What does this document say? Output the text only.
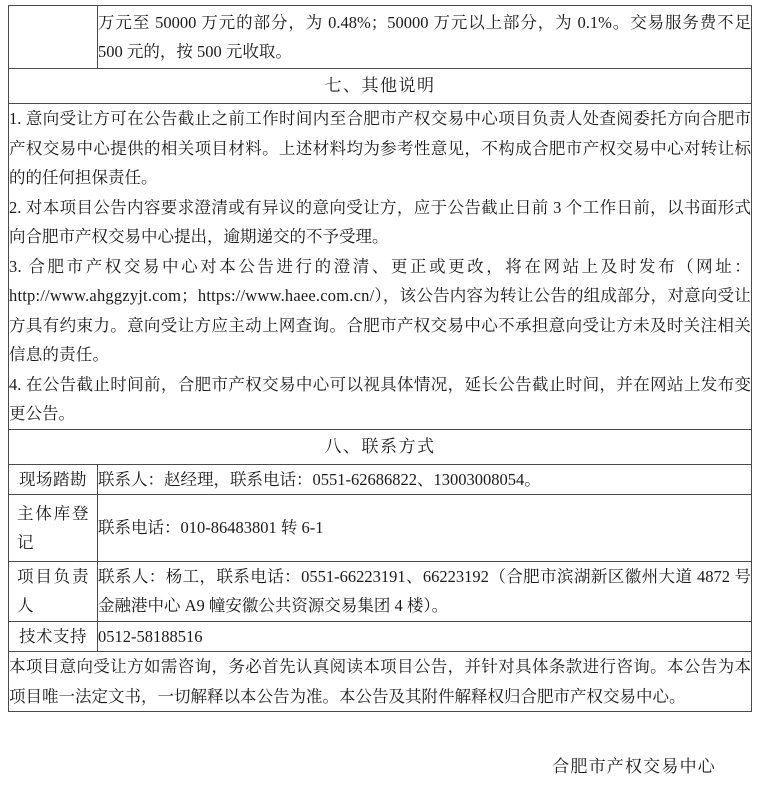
	万元至 50000 万元的部分，为 0.48%；50000 万元以上部分，为 0.1%。交易服务费不足 500 元的，按 500 元收取。
七、其他说明	

1. 意向受让方可在公告截止之前工作时间内至合肥市产权交易中心项目负责人处查阅委托方向合肥市产权交易中心提供的相关项目材料。上述材料均为参考性意见，不构成合肥市产权交易中心对转让标的的任何担保责任。

2. 对本项目公告内容要求澄清或有异议的意向受让方，应于公告截止日前 3 个工作日前，以书面形式向合肥市产权交易中心提出，逾期递交的不予受理。

3. 合肥市产权交易中心对本公告进行的澄清、更正或更改，将在网站上及时发布（网址：http://www.ahggzyjt.com；https://www.haee.com.cn/），该公告内容为转让公告的组成部分，对意向受让方具有约束力。意向受让方应主动上网查询。合肥市产权交易中心不承担意向受让方未及时关注相关信息的责任。

4. 在公告截止时间前，合肥市产权交易中心可以视具体情况，延长公告截止时间，并在网站上发布变更公告。	

八、联系方式	

现场踏勘	联系人：赵经理，联系电话：0551-62686822、13003008054。

主体库登
记	联系电话：010-86483801 转 6-1

项目负责
人	联系人：杨工，联系电话：0551-66223191、66223192（合肥市滨湖新区徽州大道 4872 号金融港中心 A9 幢安徽公共资源交易集团 4 楼）。

技术支持	0512-58188516
本项目意向受让方如需咨询，务必首先认真阅读本项目公告，并针对具体条款进行咨询。本公告为本项目唯一法定文书，一切解释以本公告为准。本公告及其附件解释权归合肥市产权交易中心。	
合肥市产权交易中心
